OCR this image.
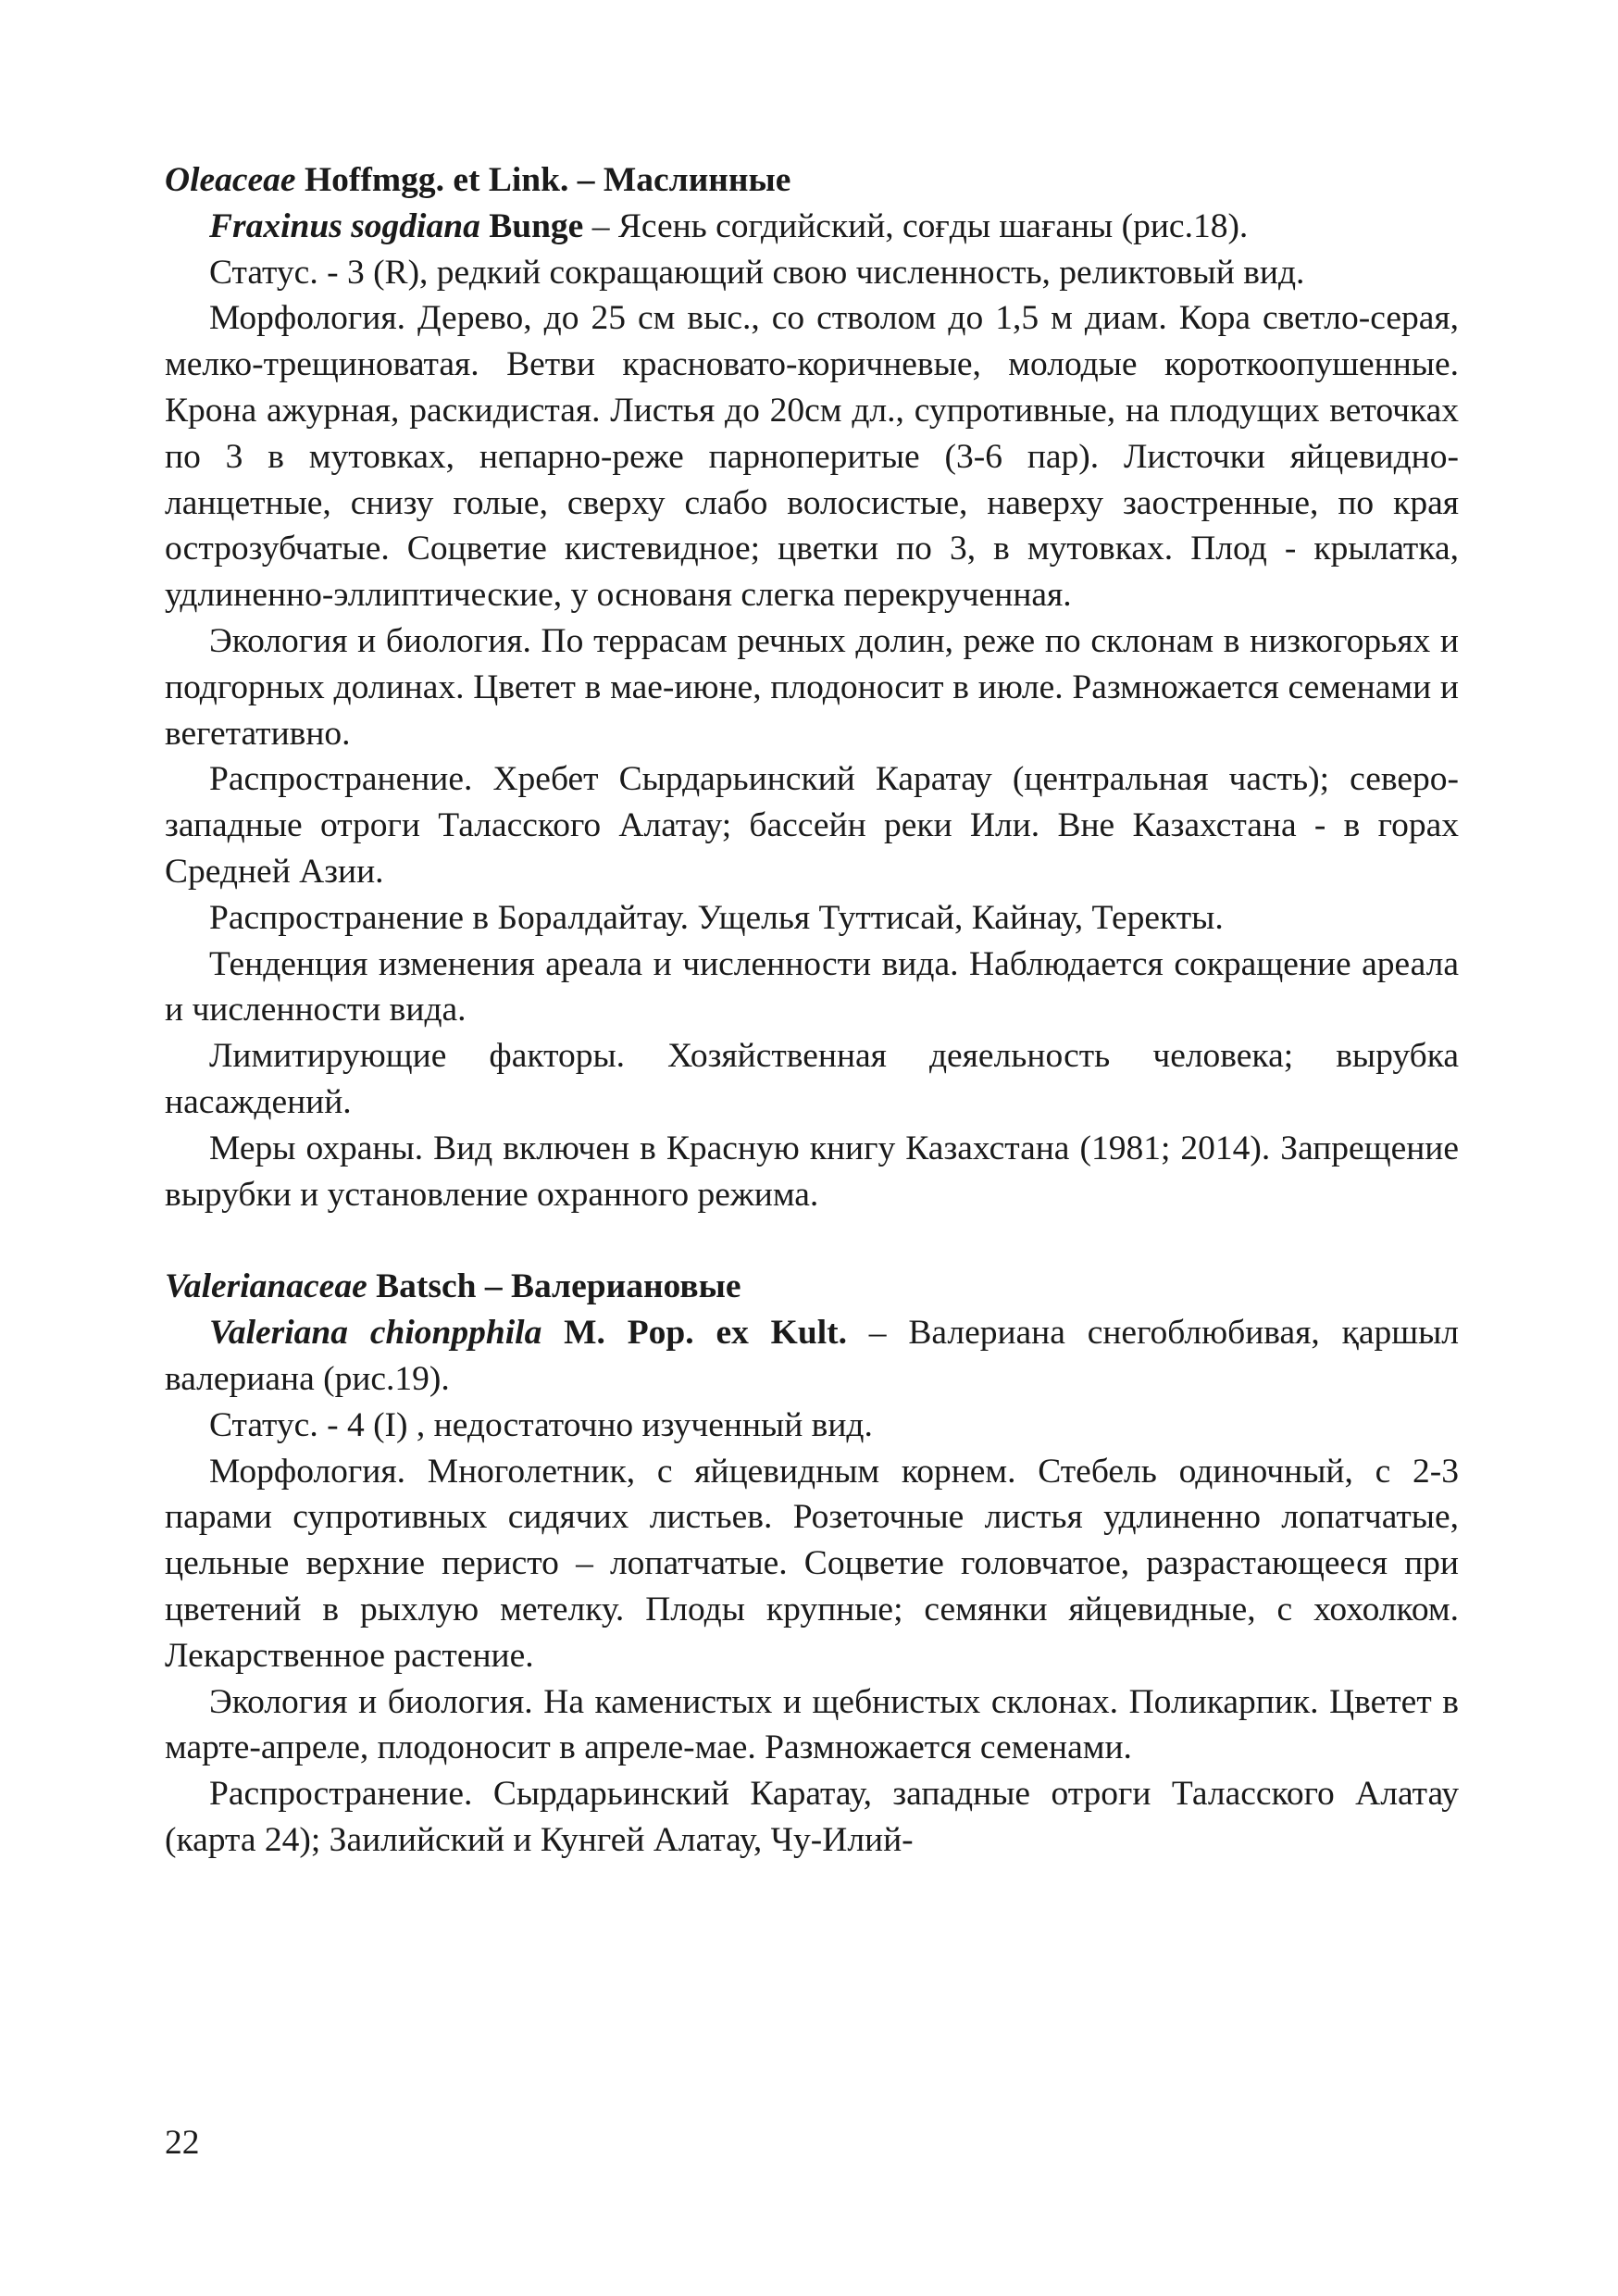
Oleaceae Hoffmgg. et Link. – Маслинные

Fraxinus sogdiana Bunge – Ясень согдийский, соғды шағаны (рис.18).

Статус. - 3 (R), редкий сокращающий свою численность, реликтовый вид.

Морфология. Дерево, до 25 см выс., со стволом до 1,5 м диам. Кора светло-серая, мелко-трещиноватая. Ветви красновато-коричневые, молодые короткоопушенные. Крона ажурная, раскидистая. Листья до 20см дл., супротивные, на плодущих веточках по 3 в мутовках, непарно-реже парноперитые (3-6 пар). Листочки яйцевидно-ланцетные, снизу голые, сверху слабо волосистые, наверху заостренные, по края острозубчатые. Соцветие кистевидное; цветки по 3, в мутовках. Плод - крылатка, удлиненно-эллиптические, у основаня слегка перекрученная.

Экология и биология. По террасам речных долин, реже по склонам в низкогорьях и подгорных долинах. Цветет в мае-июне, плодоносит в июле. Размножается семенами и вегетативно.

Распространение. Хребет Сырдарьинский Каратау (центральная часть); северо-западные отроги Таласского Алатау; бассейн реки Или. Вне Казахстана - в горах Средней Азии.

Распространение в Боралдайтау. Ущелья Туттисай, Кайнау, Теректы.

Тенденция изменения ареала и численности вида. Наблюдается сокращение ареала и численности вида.

Лимитирующие факторы. Хозяйственная деяельность человека; вырубка насаждений.

Меры охраны. Вид включен в Красную книгу Казахстана (1981; 2014). Запрещение вырубки и установление охранного режима.

Valerianaceae Batsch – Валериановые

Valeriana chionpphila M. Pop. ex Kult. – Валериана снегоблюбивая, қаршыл валериана (рис.19).

Статус. - 4 (I) , недостаточно изученный вид.

Морфология. Многолетник, с яйцевидным корнем. Стебель одиночный, с 2-3 парами супротивных сидячих листьев. Розеточные листья удлиненно лопатчатые, цельные верхние перисто – лопатчатые. Соцветие головчатое, разрастающееся при цветений в рыхлую метелку. Плоды крупные; семянки яйцевидные, с хохолком. Лекарственное растение.

Экология и биология. На каменистых и щебнистых склонах. Поликарпик. Цветет в марте-апреле, плодоносит в апреле-мае. Размножается семенами.

Распространение. Сырдарьинский Каратау, западные отроги Таласского Алатау (карта 24); Заилийский и Кунгей Алатау, Чу-Илий-

22
